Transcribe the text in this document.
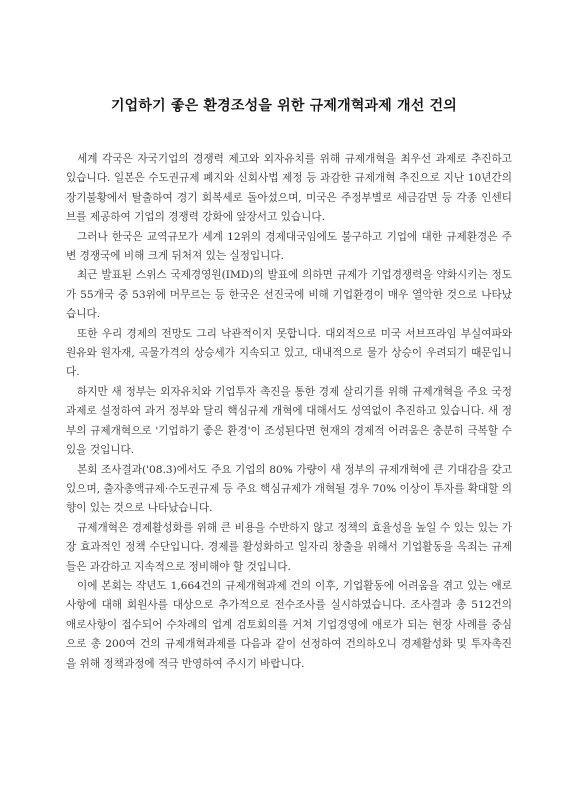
기업하기 좋은 환경조성을 위한 규제개혁과제 개선 건의

세계 각국은 자국기업의 경쟁력 제고와 외자유치를 위해 규제개혁을 최우선 과제로 추진하고 있습니다. 일본은 수도권규제 폐지와 신회사법 제정 등 과감한 규제개혁 추진으로 지난 10년간의 장기불황에서 탈출하여 경기 회복세로 돌아섰으며, 미국은 주정부별로 세금감면 등 각종 인센티브를 제공하여 기업의 경쟁력 강화에 앞장서고 있습니다.

그러나 한국은 교역규모가 세계 12위의 경제대국임에도 불구하고 기업에 대한 규제환경은 주변 경쟁국에 비해 크게 뒤처져 있는 실정입니다.

최근 발표된 스위스 국제경영원(IMD)의 발표에 의하면 규제가 기업경쟁력을 약화시키는 정도가 55개국 중 53위에 머무르는 등 한국은 선진국에 비해 기업환경이 매우 열악한 것으로 나타났습니다.

또한 우리 경제의 전망도 그리 낙관적이지 못합니다. 대외적으로 미국 서브프라임 부실여파와 원유와 원자재, 곡물가격의 상승세가 지속되고 있고, 대내적으로 물가 상승이 우려되기 때문입니다.

하지만 새 정부는 외자유치와 기업투자 촉진을 통한 경제 살리기를 위해 규제개혁을 주요 국정과제로 설정하여 과거 정부와 달리 핵심규제 개혁에 대해서도 성역없이 추진하고 있습니다. 새 정부의 규제개혁으로 '기업하기 좋은 환경'이 조성된다면 현재의 경제적 어려움은 충분히 극복할 수 있을 것입니다.

본회 조사결과('08.3)에서도 주요 기업의 80% 가량이 새 정부의 규제개혁에 큰 기대감을 갖고 있으며, 출자총액규제·수도권규제 등 주요 핵심규제가 개혁될 경우 70% 이상이 투자를 확대할 의향이 있는 것으로 나타났습니다.

규제개혁은 경제활성화를 위해 큰 비용을 수반하지 않고 정책의 효율성을 높일 수 있는 있는 가장 효과적인 정책 수단입니다. 경제를 활성화하고 일자리 창출을 위해서 기업활동을 옥죄는 규제들은 과감하고 지속적으로 정비해야 할 것입니다.

이에 본회는 작년도 1,664건의 규제개혁과제 건의 이후, 기업활동에 어려움을 겪고 있는 애로사항에 대해 회원사를 대상으로 추가적으로 전수조사를 실시하였습니다. 조사결과 총 512건의 애로사항이 접수되어 수차례의 업계 검토회의를 거쳐 기업경영에 애로가 되는 현장 사례를 중심으로 총 200여 건의 규제개혁과제를 다음과 같이 선정하여 건의하오니 경제활성화 및 투자촉진을 위해 정책과정에 적극 반영하여 주시기 바랍니다.
